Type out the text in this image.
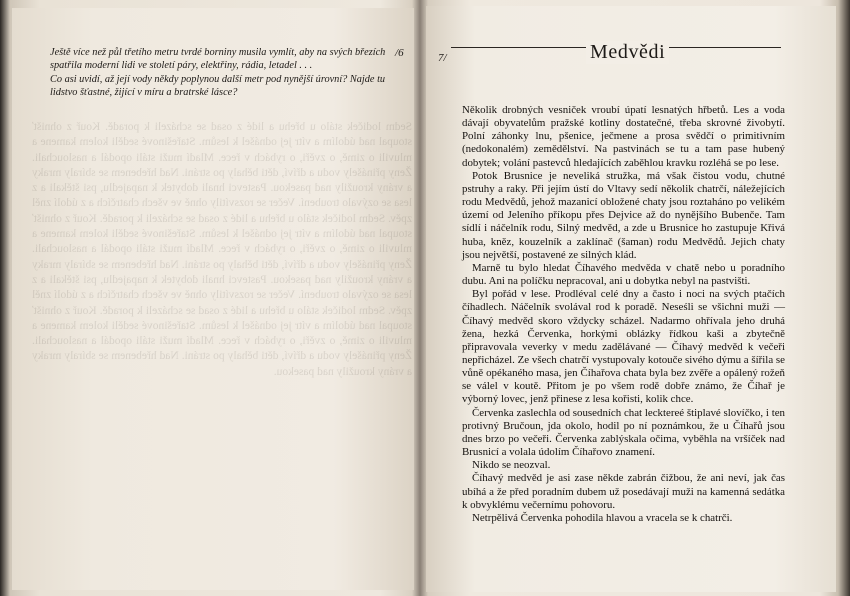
Sedm lodiček stálo u břehu a lidé z osad se scházeli k poradě. Kouř z ohnišť stoupal nad údolím a vítr jej odnášel k lesům. Stařešinové seděli kolem kamene a mluvili o zimě, o zvěři, o rybách v řece. Mladí muži stáli opodál a naslouchali. Ženy přinášely vodu a dříví, děti běhaly po stráni. Nad hřebenem se sbíraly mraky a vrány kroužily nad pasekou. Pastevci hnali dobytek k napajedlu, psi štěkali a z lesa se ozývalo troubení. Večer se rozsvítily ohně ve všech chatrčích a z údolí zněl zpěv. Sedm lodiček stálo u břehu a lidé z osad se scházeli k poradě. Kouř z ohnišť stoupal nad údolím a vítr jej odnášel k lesům. Stařešinové seděli kolem kamene a mluvili o zimě, o zvěři, o rybách v řece. Mladí muži stáli opodál a naslouchali. Ženy přinášely vodu a dříví, děti běhaly po stráni. Nad hřebenem se sbíraly mraky a vrány kroužily nad pasekou. Pastevci hnali dobytek k napajedlu, psi štěkali a z lesa se ozývalo troubení. Večer se rozsvítily ohně ve všech chatrčích a z údolí zněl zpěv. Sedm lodiček stálo u břehu a lidé z osad se scházeli k poradě. Kouř z ohnišť stoupal nad údolím a vítr jej odnášel k lesům. Stařešinové seděli kolem kamene a mluvili o zimě, o zvěři, o rybách v řece. Mladí muži stáli opodál a naslouchali. Ženy přinášely vodu a dříví, děti běhaly po stráni. Nad hřebenem se sbíraly mraky a vrány kroužily nad pasekou.

Ještě více než půl třetího metru tvrdé borniny musila vymlít, aby na svých březích spatřila moderní lidi ve století páry, elektřiny, rádia, letadel . . .

Co asi uvidí, až její vody někdy poplynou další metr pod nynější úrovní? Najde tu lidstvo šťastné, žijící v míru a bratrské lásce?

/6	7/	Medvědi

Několik drobných vesniček vroubí úpatí lesnatých hřbetů. Les a voda dávají obyvatelům pražské kotliny dostatečné, třeba skrovné živobytí. Polní záhonky lnu, pšenice, ječmene a prosa svědčí o primitivním (nedokonalém) zemědělství. Na pastvinách se tu a tam pase hubený dobytek; volání pastevců hledajících zaběhlou kravku rozléhá se po lese.

Potok Brusnice je neveliká stružka, má však čistou vodu, chutné pstruhy a raky. Při jejím ústí do Vltavy sedí několik chatrčí, náležejících rodu Medvědů, jehož mazanicí obložené chaty jsou roztaháno po velikém území od Jeleního příkopu přes Dejvice až do nynějšího Bubenče. Tam sídlí i náčelník rodu, Silný medvěd, a zde u Brusnice ho zastupuje Křivá huba, kněz, kouzelník a zaklínač (šaman) rodu Medvědů. Jejich chaty jsou největší, postavené ze silných klád.

Marně tu bylo hledat Číhavého medvěda v chatě nebo u poradního dubu. Ani na políčku nepracoval, ani u dobytka nebyl na pastvišti.

Byl pořád v lese. Prodléval celé dny a často i noci na svých ptačích číhadlech. Náčelník svolával rod k poradě. Neseśli se všichni muži — Číhavý medvěd skoro vždycky scházel. Nadarmo ohřívala jeho druhá žena, hezká Červenka, horkými oblázky řídkou kaši a zbytečně připravovala veverky v medu zadělávané — Číhavý medvěd k večeři nepřicházel. Ze všech chatrčí vystupovaly kotouče sivého dýmu a šířila se vůně opékaného masa, jen Číhařova chata byla bez zvěře a opálený rožeň se válel v koutě. Přitom je po všem rodě dobře známo, že Číhař je výborný lovec, jenž přinese z lesa kořisti, kolik chce.

Červenka zaslechla od sousedních chat lecktereé štiplavé slovíčko, i ten protivný Bručoun, jda okolo, hodil po ní poznámkou, že u Číhařů jsou dnes brzo po večeři. Červenka zablýskala očima, vyběhla na vršíček nad Brusnicí a volala údolím Číhařovo znamení.

Nikdo se neozval.

Číhavý medvěd je asi zase někde zabrán čižbou, že ani neví, jak čas ubíhá a že před poradním dubem už posedávají muži na kamenná sedátka k obvyklému večernímu pohovoru.

Netrpělivá Červenka pohodila hlavou a vracela se k chatrči.
